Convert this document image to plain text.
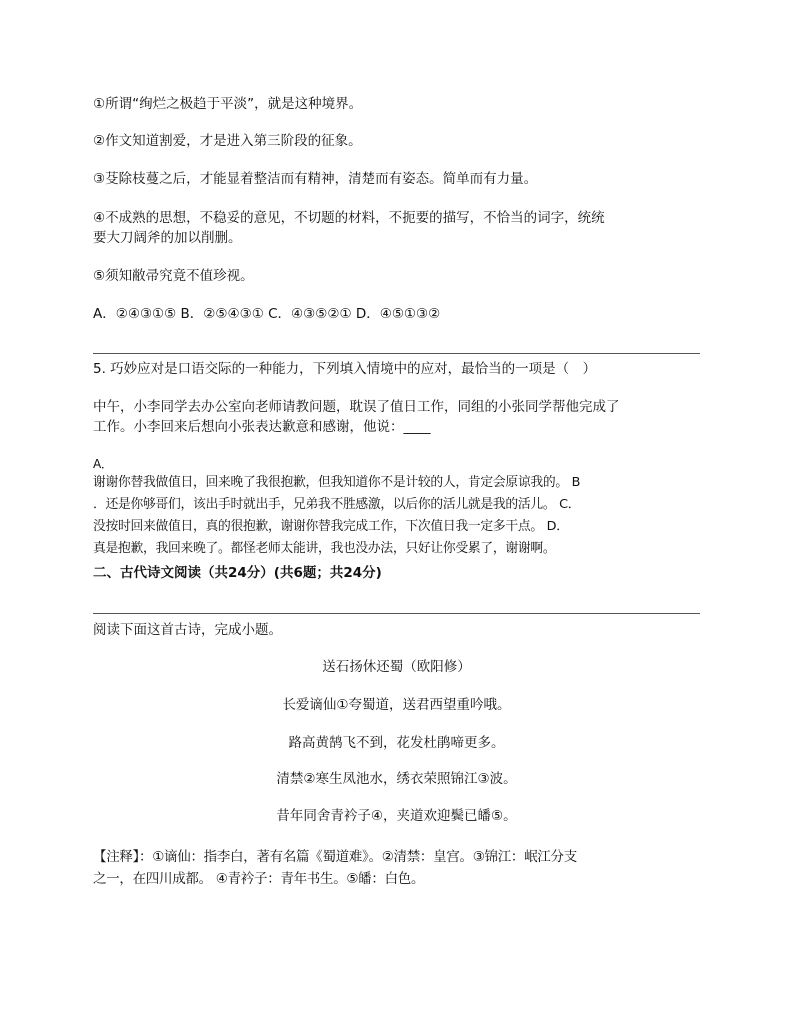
①所谓“绚烂之极趋于平淡”，就是这种境界。
②作文知道割爱，才是进入第三阶段的征象。
③芟除枝蔓之后，才能显着整洁而有精神，清楚而有姿态。简单而有力量。
④不成熟的思想，不稳妥的意见，不切题的材料，不扼要的描写，不恰当的词字，统统
要大刀阔斧的加以削删。
⑤须知敝帚究竟不值珍视。
A．②④③①⑤ B．②⑤④③① C．④③⑤②① D．④⑤①③②
5. 巧妙应对是口语交际的一种能力，下列填入情境中的应对，最恰当的一项是（　）
中午，小李同学去办公室向老师请教问题，耽误了值日工作，同组的小张同学帮他完成了
工作。小李回来后想向小张表达歉意和感谢，他说：____
A．
谢谢你替我做值日，回来晚了我很抱歉，但我知道你不是计较的人，肯定会原谅我的。 B
．还是你够哥们，该出手时就出手，兄弟我不胜感激，以后你的活儿就是我的活儿。 C．
没按时回来做值日，真的很抱歉，谢谢你替我完成工作，下次值日我一定多干点。 D．
真是抱歉，我回来晚了。都怪老师太能讲，我也没办法，只好让你受累了，谢谢啊。
二、古代诗文阅读（共24分）(共6题；共24分)
阅读下面这首古诗，完成小题。
送石扬休还蜀（欧阳修）
长爱谪仙①夸蜀道，送君西望重吟哦。
路高黄鹄飞不到，花发杜鹃啼更多。
清禁②寒生凤池水，绣衣荣照锦江③波。
昔年同舍青衿子④，夹道欢迎鬓已皤⑤。
【注释】：①谪仙：指李白，著有名篇《蜀道难》。②清禁：皇宫。③锦江：岷江分支
之一，在四川成都。 ④青衿子：青年书生。⑤皤：白色。
